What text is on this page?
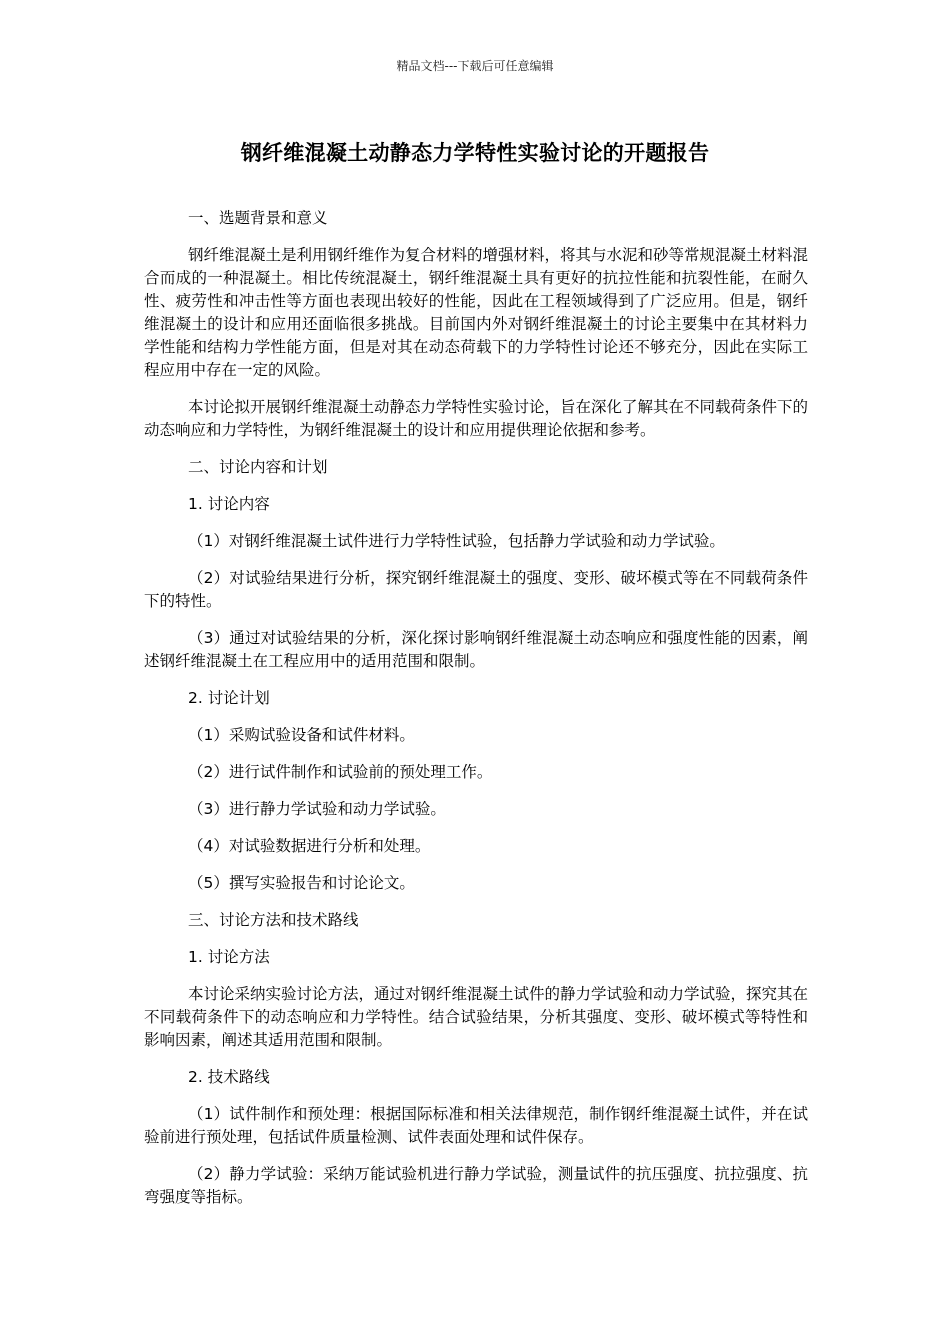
精品文档---下载后可任意编辑
钢纤维混凝土动静态力学特性实验讨论的开题报告
一、选题背景和意义
钢纤维混凝土是利用钢纤维作为复合材料的增强材料，将其与水泥和砂等常规混凝土材料混合而成的一种混凝土。相比传统混凝土，钢纤维混凝土具有更好的抗拉性能和抗裂性能，在耐久性、疲劳性和冲击性等方面也表现出较好的性能，因此在工程领域得到了广泛应用。但是，钢纤维混凝土的设计和应用还面临很多挑战。目前国内外对钢纤维混凝土的讨论主要集中在其材料力学性能和结构力学性能方面，但是对其在动态荷载下的力学特性讨论还不够充分，因此在实际工程应用中存在一定的风险。
本讨论拟开展钢纤维混凝土动静态力学特性实验讨论，旨在深化了解其在不同载荷条件下的动态响应和力学特性，为钢纤维混凝土的设计和应用提供理论依据和参考。
二、讨论内容和计划
1. 讨论内容
（1）对钢纤维混凝土试件进行力学特性试验，包括静力学试验和动力学试验。
（2）对试验结果进行分析，探究钢纤维混凝土的强度、变形、破坏模式等在不同载荷条件下的特性。
（3）通过对试验结果的分析，深化探讨影响钢纤维混凝土动态响应和强度性能的因素，阐述钢纤维混凝土在工程应用中的适用范围和限制。
2. 讨论计划
（1）采购试验设备和试件材料。
（2）进行试件制作和试验前的预处理工作。
（3）进行静力学试验和动力学试验。
（4）对试验数据进行分析和处理。
（5）撰写实验报告和讨论论文。
三、讨论方法和技术路线
1. 讨论方法
本讨论采纳实验讨论方法，通过对钢纤维混凝土试件的静力学试验和动力学试验，探究其在不同载荷条件下的动态响应和力学特性。结合试验结果，分析其强度、变形、破坏模式等特性和影响因素，阐述其适用范围和限制。
2. 技术路线
（1）试件制作和预处理：根据国际标准和相关法律规范，制作钢纤维混凝土试件，并在试验前进行预处理，包括试件质量检测、试件表面处理和试件保存。
（2）静力学试验：采纳万能试验机进行静力学试验，测量试件的抗压强度、抗拉强度、抗弯强度等指标。
